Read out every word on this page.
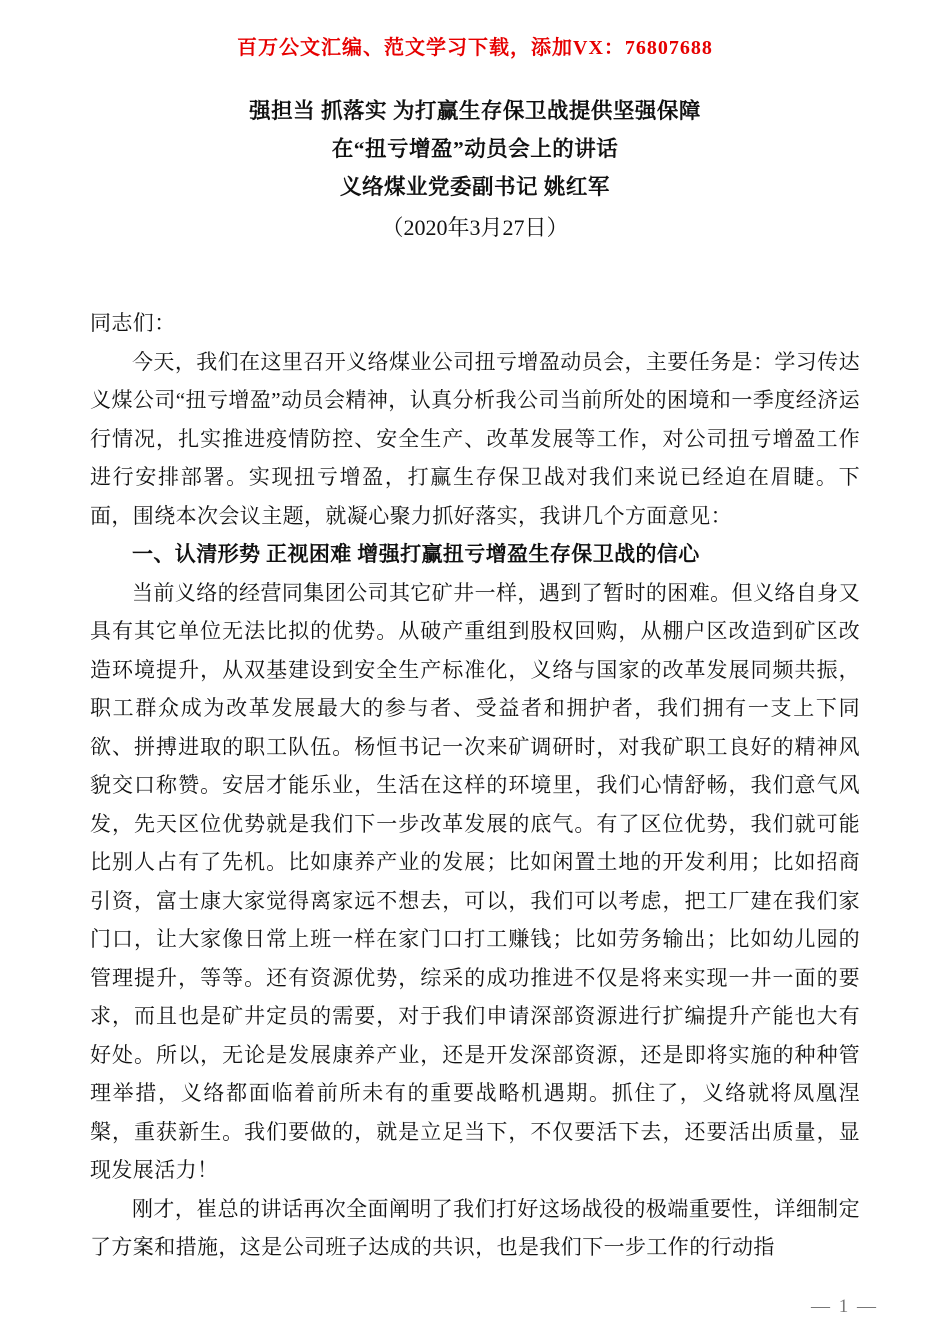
百万公文汇编、范文学习下载，添加VX：76807688
强担当 抓落实 为打赢生存保卫战提供坚强保障
在“扭亏增盈”动员会上的讲话
义络煤业党委副书记 姚红军
（2020年3月27日）

同志们：

今天，我们在这里召开义络煤业公司扭亏增盈动员会，主要任务是：学习传达义煤公司“扭亏增盈”动员会精神，认真分析我公司当前所处的困境和一季度经济运行情况，扎实推进疫情防控、安全生产、改革发展等工作，对公司扭亏增盈工作进行安排部署。实现扭亏增盈，打赢生存保卫战对我们来说已经迫在眉睫。下面，围绕本次会议主题，就凝心聚力抓好落实，我讲几个方面意见：

一、认清形势 正视困难 增强打赢扭亏增盈生存保卫战的信心

当前义络的经营同集团公司其它矿井一样，遇到了暂时的困难。但义络自身又具有其它单位无法比拟的优势。从破产重组到股权回购，从棚户区改造到矿区改造环境提升，从双基建设到安全生产标准化，义络与国家的改革发展同频共振，职工群众成为改革发展最大的参与者、受益者和拥护者，我们拥有一支上下同欲、拼搏进取的职工队伍。杨恒书记一次来矿调研时，对我矿职工良好的精神风貌交口称赞。安居才能乐业，生活在这样的环境里，我们心情舒畅，我们意气风发，先天区位优势就是我们下一步改革发展的底气。有了区位优势，我们就可能比别人占有了先机。比如康养产业的发展；比如闲置土地的开发利用；比如招商引资，富士康大家觉得离家远不想去，可以，我们可以考虑，把工厂建在我们家门口，让大家像日常上班一样在家门口打工赚钱；比如劳务输出；比如幼儿园的管理提升，等等。还有资源优势，综采的成功推进不仅是将来实现一井一面的要求，而且也是矿井定员的需要，对于我们申请深部资源进行扩编提升产能也大有好处。所以，无论是发展康养产业，还是开发深部资源，还是即将实施的种种管理举措，义络都面临着前所未有的重要战略机遇期。抓住了，义络就将凤凰涅槃，重获新生。我们要做的，就是立足当下，不仅要活下去，还要活出质量，显现发展活力！

刚才，崔总的讲话再次全面阐明了我们打好这场战役的极端重要性，详细制定了方案和措施，这是公司班子达成的共识，也是我们下一步工作的行动指

— 1 —
